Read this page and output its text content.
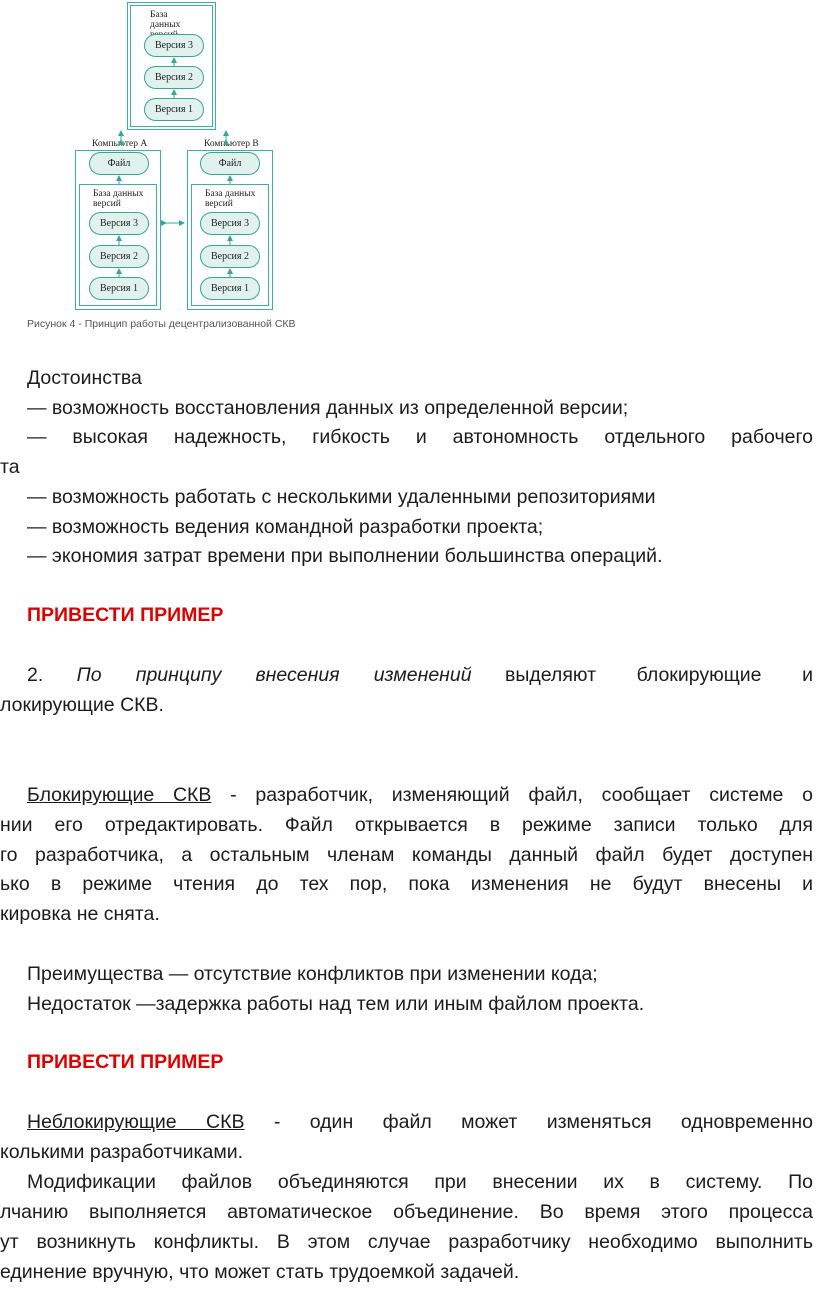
База данных
Версия 3
Версия 2
Версия 1
Компьютер А
Файл
База данных версий
Версия 3
Версия 2
Версия 1
Компьютер В
Файл
База данных версий
Версия 3
Версия 2
Версия 1
Рисунок 4 - Принцип работы децентрализованной СКВ
Достоинства
— возможность восстановления данных из определенной версии;
— высокая надежность, гибкость и автономность отдельного рабочего
та
— возможность работать с несколькими удаленными репозиториями
— возможность ведения командной разработки проекта;
— экономия затрат времени при выполнении большинства операций.
ПРИВЕСТИ ПРИМЕР
2. По принципу внесения изменений выделяют блокирующие и
локирующие СКВ.
Блокирующие СКВ - разработчик, изменяющий файл, сообщает системе о
нии его отредактировать. Файл открывается в режиме записи только для
го разработчика, а остальным членам команды данный файл будет доступен
ько в режиме чтения до тех пор, пока изменения не будут внесены и
кировка не снята.
Преимущества — отсутствие конфликтов при изменении кода;
Недостаток —задержка работы над тем или иным файлом проекта.
ПРИВЕСТИ ПРИМЕР
Неблокирующие СКВ - один файл может изменяться одновременно
колькими разработчиками.
Модификации файлов объединяются при внесении их в систему. По
лчанию выполняется автоматическое объединение. Во время этого процесса
ут возникнуть конфликты. В этом случае разработчику необходимо выполнить
единение вручную, что может стать трудоемкой задачей.
